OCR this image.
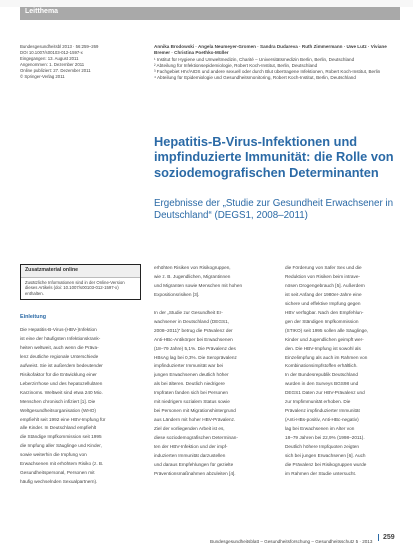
Leitthema
Bundesgesundheitsbl 2013 · 56:259–269
DOI 10.1007/s00103-012-1597-x
Eingegangen: 13. August 2011
Angenommen: 1. Dezember 2011
Online publiziert: 27. Dezember 2011
© Springer-Verlag 2011
Annika Brodowski · Angela Neumeyer-Gromen · Sandra Dudareva · Ruth Zimmermann · Uwe Lutz · Viviane Bremer · Christina Poethko-Müller
¹ Institut für Hygiene und Umweltmedizin, Charité – Universitätsmedizin Berlin, Berlin, Deutschland
² Abteilung für Infektionsepidemiologie, Robert Koch-Institut, Berlin, Deutschland
³ Fachgebiet HIV/AIDS und andere sexuell oder durch Blut übertragene Infektionen, Robert Koch-Institut, Berlin
⁴ Abteilung für Epidemiologie und Gesundheitsmonitoring, Robert Koch-Institut, Berlin, Deutschland
Hepatitis-B-Virus-Infektionen und impfinduzierte Immunität: die Rolle von soziodemografischen Determinanten
Ergebnisse der „Studie zur Gesundheit Erwachsener in Deutschland“ (DEGS1, 2008–2011)
Zusatzmaterial online
Zusätzliche Informationen sind in der Online-Version dieses Artikels (doi: 10.1007/s00103-012-1597-x) enthalten.
Einleitung
Die Hepatitis-B-Virus-(HBV-)Infektion
ist eine der häufigsten Infektionskrank-
heiten weltweit, auch wenn die Präva-
lenz deutliche regionale Unterschiede
aufweist. Sie ist außerdem bedeutender
Risikofaktor für die Entwicklung einer
Leberzirrhose und des hepatozellulären
Karzinoms. Weltweit sind etwa 240 Mio.
Menschen chronisch infiziert [1]. Die
Weltgesundheitsorganisation (WHO)
empfiehlt seit 1992 eine HBV-Impfung für
alle Kinder. In Deutschland empfiehlt
die Ständige Impfkommission seit 1995
die Impfung aller Säuglinge und Kinder,
sowie weiterhin die Impfung von
Erwachsenen mit erhöhtem Risiko (z. B.
Gesundheitspersonal, Personen mit
häufig wechselnden Sexualpartnern).
erhöhten Risiken von Risikogruppen,
wie z. B. Jugendlichen, Migrantinnen
und Migranten sowie Menschen mit hohen
Expositionsrisiken [3].

In der „Studie zur Gesundheit Er-
wachsener in Deutschland (DEGS1,
2008–2011)“ betrug die Prävalenz der
Anti-HBc-Antikörper bei Erwachsenen
(18–79 Jahre) 5,1%. Die Prävalenz des
HBsAg lag bei 0,3%. Die Seroprävalenz
impfinduzierter Immunität war bei
jungen Erwachsenen deutlich höher
als bei älteren. Deutlich niedrigere
Impfraten fanden sich bei Personen
mit niedrigem sozialem Status sowie
bei Personen mit Migrationshintergrund
aus Ländern mit hoher HBV-Prävalenz.
Ziel der vorliegenden Arbeit ist es,
diese soziodemografischen Determinan-
ten der HBV-Infektion und der impf-
induzierten Immunität darzustellen
und daraus Empfehlungen für gezielte
Präventionsmaßnahmen abzuleiten [4].
die Förderung von Safer Sex und die
Reduktion von Risiken beim intrave-
nösen Drogengebrauch [5]. Außerdem
ist seit Anfang der 1980er-Jahre eine
sichere und effektive Impfung gegen
HBV verfügbar. Nach den Empfehlun-
gen der Ständigen Impfkommission
(STIKO) seit 1995 sollen alle Säuglinge,
Kinder und Jugendlichen geimpft wer-
den. Die HBV-Impfung ist sowohl als
Einzelimpfung als auch im Rahmen von
Kombinationsimpfstoffen erhältlich.
In der Bundesrepublik Deutschland
wurden in den Surveys BGS98 und
DEGS1 Daten zur HBV-Prävalenz und
zur Impfimmunität erhoben. Die
Prävalenz impfinduzierter Immunität
(Anti-HBs-positiv, Anti-HBc-negativ)
lag bei Erwachsenen im Alter von
18–79 Jahren bei 22,9% (1998–2011).
Deutlich höhere Impfquoten zeigten
sich bei jungen Erwachsenen [6]. Auch
die Prävalenz bei Risikogruppen wurde
im Rahmen der Studie untersucht.
Bundesgesundheitsblatt – Gesundheitsforschung – Gesundheitsschutz 5 · 2013
259
